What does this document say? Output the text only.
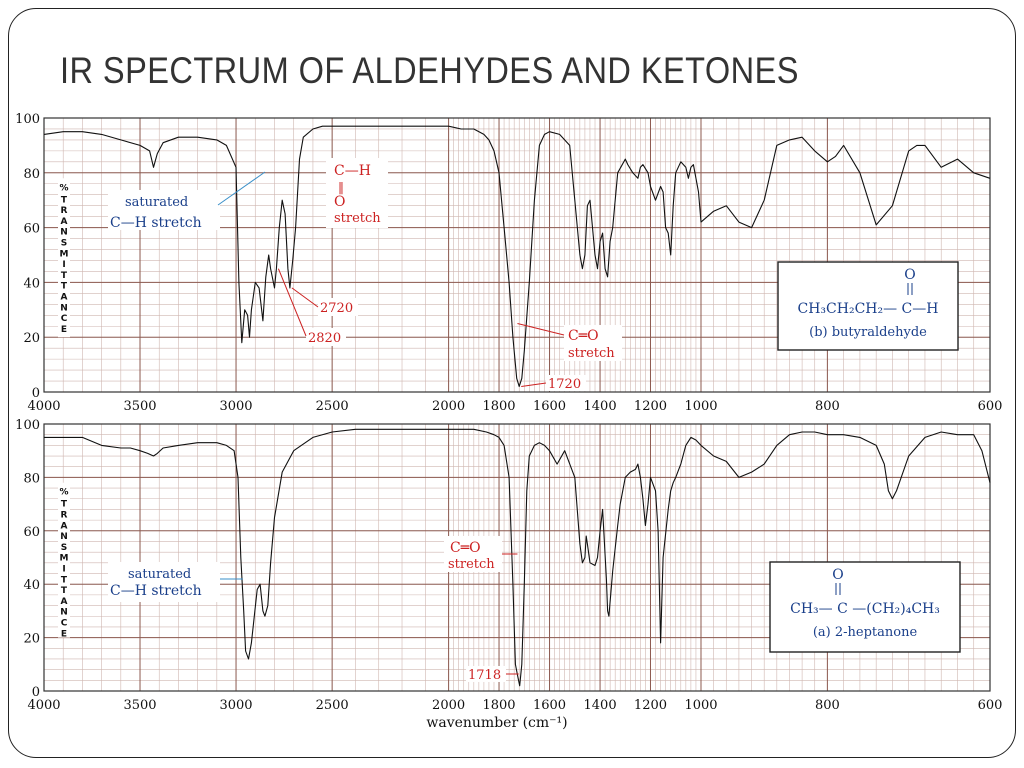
IR SPECTRUM OF ALDEHYDES AND KETONES
0
20
40
60
80
100
4000	3500	3000	2500	2000 1800 1600 1400 1200 1000	800	600
%
T
R
A
N
S
M
I
T
T
A
N
C
E
saturated
C—H stretch
C—H
‖
O
stretch
2720
2820	C═O
stretch
1720
O
CH₃CH₂CH₂— C—H
(b) butyraldehyde
0
20
40
60
80
100
4000	3500	3000	2500	2000 1800 1600 1400 1200 1000	800	600
%
T
R
A
N
S
M
I
T
T
A
N
C
E
wavenumber (cm⁻¹)
saturated
C—H stretch
C═O
stretch
1718
O
CH₃— C —(CH₂)₄CH₃
(a) 2-heptanone
